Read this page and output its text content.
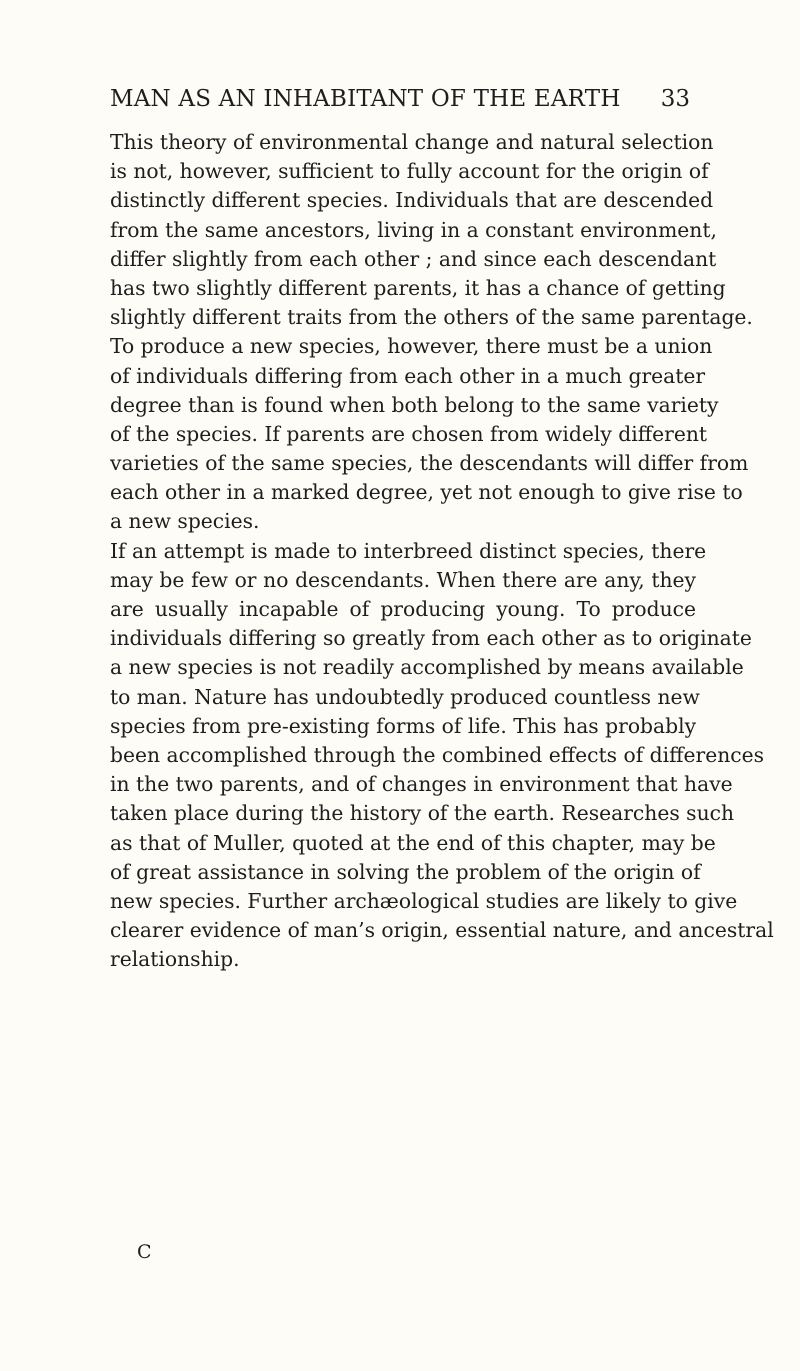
MAN AS AN INHABITANT OF THE EARTH 33
This theory of environmental change and natural selection
is not, however, sufficient to fully account for the origin of
distinctly different species. Individuals that are descended
from the same ancestors, living in a constant environment,
differ slightly from each other ; and since each descendant
has two slightly different parents, it has a chance of getting
slightly different traits from the others of the same parentage.
To produce a new species, however, there must be a union
of individuals differing from each other in a much greater
degree than is found when both belong to the same variety
of the species. If parents are chosen from widely different
varieties of the same species, the descendants will differ from
each other in a marked degree, yet not enough to give rise to
a new species.
If an attempt is made to interbreed distinct species, there
may be few or no descendants. When there are any, they
are usually incapable of producing young. To produce
individuals differing so greatly from each other as to originate
a new species is not readily accomplished by means available
to man. Nature has undoubtedly produced countless new
species from pre-existing forms of life. This has probably
been accomplished through the combined effects of differences
in the two parents, and of changes in environment that have
taken place during the history of the earth. Researches such
as that of Muller, quoted at the end of this chapter, may be
of great assistance in solving the problem of the origin of
new species. Further archæological studies are likely to give
clearer evidence of man’s origin, essential nature, and ancestral
relationship.
C
